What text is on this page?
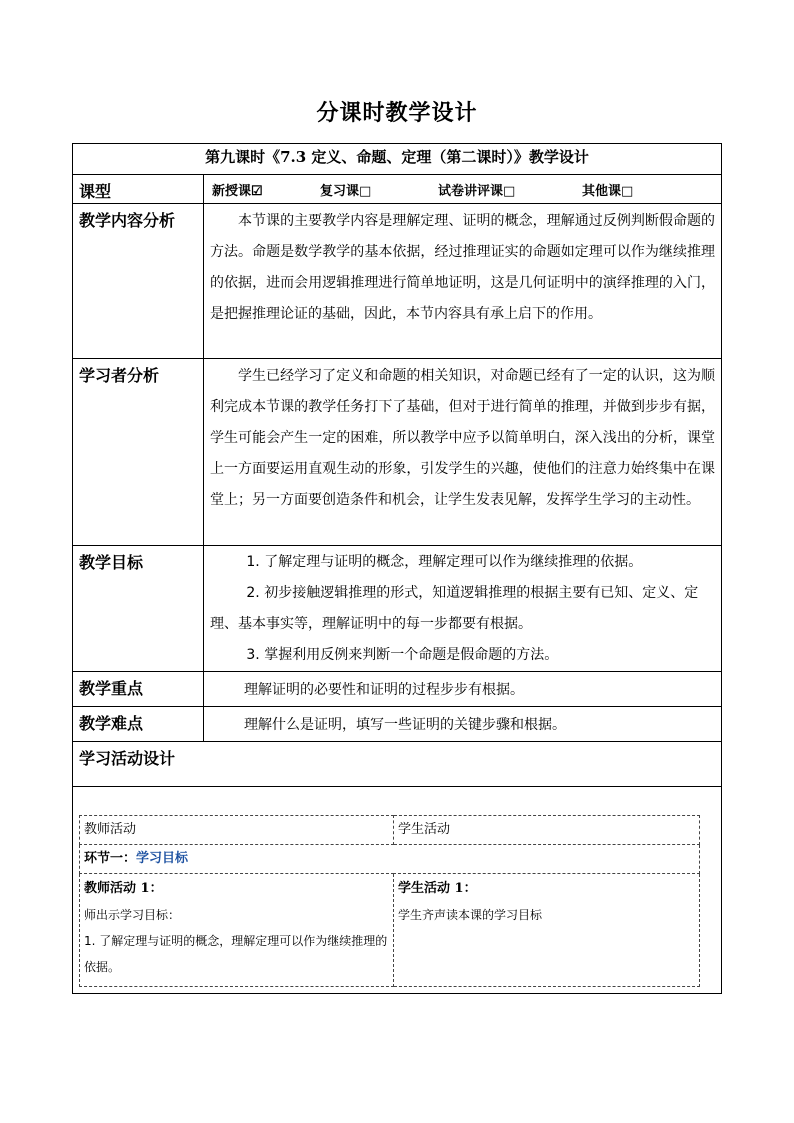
分课时教学设计
第九课时《7.3 定义、命题、定理（第二课时）》教学设计
课型	新授课☑	复习课□	试卷讲评课□	其他课□

教学内容分析	本节课的主要教学内容是理解定理、证明的概念，理解通过反例判断假命题的方法。命题是数学教学的基本依据，经过推理证实的命题如定理可以作为继续推理的依据，进而会用逻辑推理进行简单地证明，这是几何证明中的演绎推理的入门，是把握推理论证的基础，因此，本节内容具有承上启下的作用。

学习者分析	学生已经学习了定义和命题的相关知识，对命题已经有了一定的认识，这为顺利完成本节课的教学任务打下了基础，但对于进行简单的推理，并做到步步有据，学生可能会产生一定的困难，所以教学中应予以简单明白，深入浅出的分析，课堂上一方面要运用直观生动的形象，引发学生的兴趣，使他们的注意力始终集中在课堂上；另一方面要创造条件和机会，让学生发表见解，发挥学生学习的主动性。

教学目标	1. 了解定理与证明的概念，理解定理可以作为继续推理的依据。

2. 初步接触逻辑推理的形式，知道逻辑推理的根据主要有已知、定义、定理、基本事实等，理解证明中的每一步都要有根据。

3. 掌握利用反例来判断一个命题是假命题的方法。

教学重点	理解证明的必要性和证明的过程步步有根据。

教学难点	理解什么是证明，填写一些证明的关键步骤和根据。

学习活动设计

教师活动	学生活动
环节一：学习目标

教师活动 1：
师出示学习目标：
1. 了解定理与证明的概念，理解定理可以作为继续推理的依据。

学生活动 1：
学生齐声读本课的学习目标
